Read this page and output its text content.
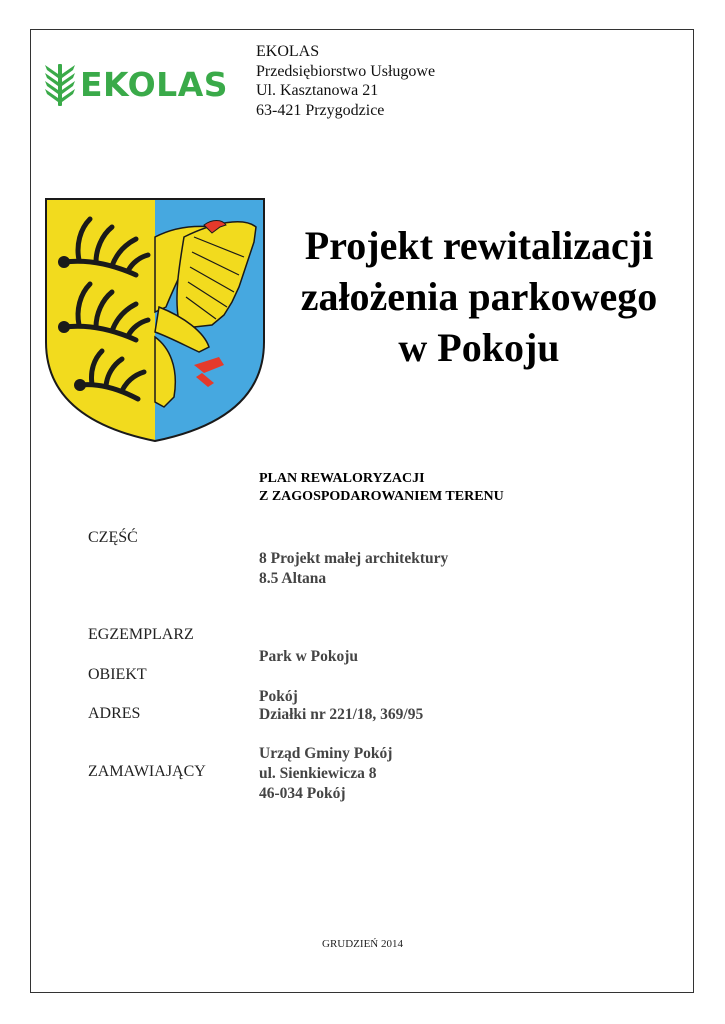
EKOLAS
EKOLAS
Przedsiębiorstwo Usługowe
Ul. Kasztanowa 21
63-421 Przygodzice
Projekt rewitalizacji
założenia parkowego
w Pokoju
PLAN REWALORYZACJI
Z ZAGOSPODAROWANIEM TERENU
CZĘŚĆ
8 Projekt małej architektury
8.5 Altana
EGZEMPLARZ
Park w Pokoju
OBIEKT
Pokój
ADRES	Działki nr 221/18, 369/95
Urząd Gminy Pokój
ZAMAWIAJĄCY	ul. Sienkiewicza 8
46-034 Pokój
GRUDZIEŃ 2014
